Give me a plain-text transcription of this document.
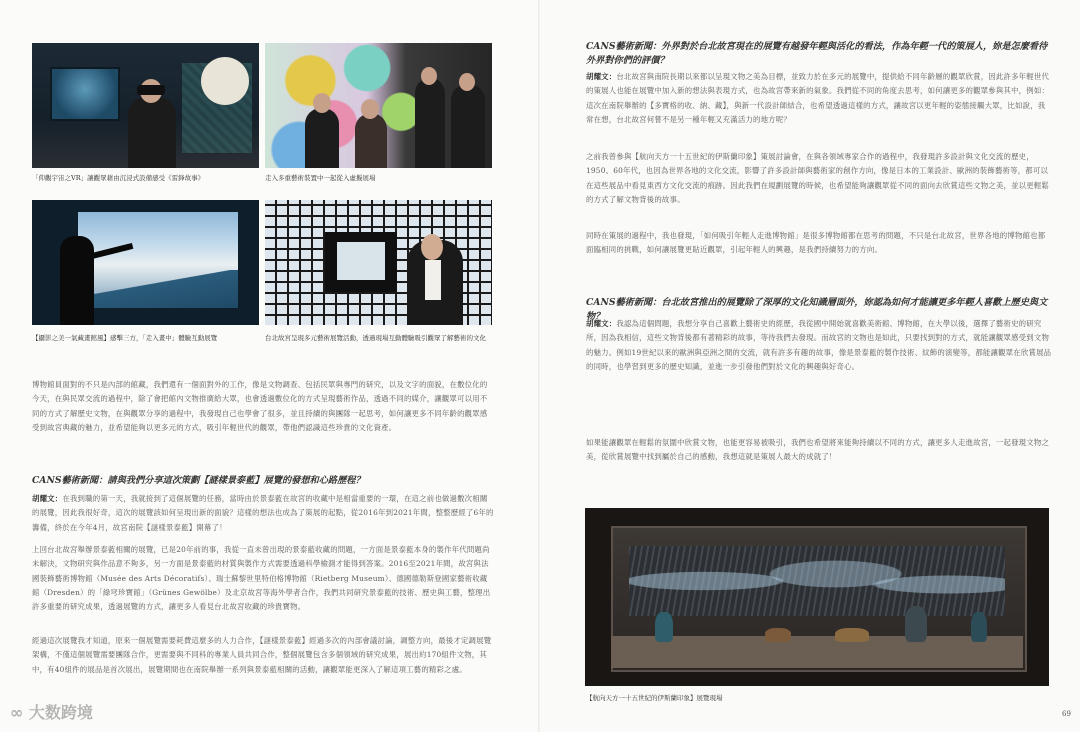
「仰觀宇宙之VR」讓觀眾藉由沉浸式設備感受《雷鋒故事》	走入多重藝術裝置中一起從入虛擬展場
【攝影之美一氣藏畫館風】感擊三方，「走入畫中」體驗互動展覽	台北故宮呈現多元藝術展覽活動，透過現場互動體驗吸引觀眾了解藝術的文化
博物館員面對的不只是內部的館藏，我們還有一個面對外的工作，像是文物調查、包括民眾與專門的研究，以及文字的面貌，在數位化的今天，在與民眾交流的過程中，除了會把館內文物推廣給大眾，也會透過數位化的方式呈現藝術作品，透過不同的媒介，讓觀眾可以用不同的方式了解歷史文物，在與觀眾分享的過程中，我發現自己也學會了很多，並且持續的與團隊一起思考，如何讓更多不同年齡的觀眾感受到故宮典藏的魅力，並希望能夠以更多元的方式，吸引年輕世代的觀眾，帶他們認識這些珍貴的文化資產。
CANS藝術新聞：請與我們分享這次策劃【謎樣景泰藍】展覽的發想和心路歷程？
胡耀文：在我到職的第一天，我就接到了這個展覽的任務，當時由於景泰藍在故宮的收藏中是相當重要的一環，在這之前也做過數次相關的展覽，因此我很好奇，這次的展覽該如何呈現出新的面貌？這樣的想法也成為了策展的起點，從2016年到2021年間，整整歷經了6年的籌備，終於在今年4月，故宮南院【謎樣景泰藍】開幕了！
上回台北故宮舉辦景泰藍相關的展覽，已是20年前的事，我從一直未曾出現的景泰藍收藏的問題，一方面是景泰藍本身的製作年代問題尚未解決，文物研究與作品意不夠多，另一方面是景泰藍的材質與製作方式需要透過科學檢測才能得到答案。2016至2021年間，故宮與法國裝飾藝術博物館（Musée des Arts Décoratifs）、瑞士蘇黎世里特伯格博物館（Rietberg Museum）、德國德勒斯登國家藝術收藏館（Dresden）的「綠穹珍寶館」（Grünes Gewölbe）及北京故宮等海外學者合作，我們共同研究景泰藍的技術、歷史與工藝，整理出許多重要的研究成果，透過展覽的方式，讓更多人看見台北故宮收藏的珍貴寶物。
經過這次展覽我才知道，原來一個展覽需要耗費這麼多的人力合作，【謎樣景泰藍】經過多次的內部會議討論，調整方向，最後才定調展覽架構，不僅這個展覽需要團隊合作，更需要與不同科的專業人員共同合作，整個展覽包含多個領域的研究成果，展出約170組件文物，其中，有40組件的展品是首次展出，展覽期間也在南院舉辦一系列與景泰藍相關的活動，讓觀眾能更深入了解這項工藝的精彩之處。
∞ 大数跨境
CANS藝術新聞：外界對於台北故宮現在的展覽有越發年輕與活化的看法，作為年輕一代的策展人，妳是怎麼看待外界對你們的評價？
胡耀文：台北故宮與南院長期以來都以呈現文物之美為目標，並致力於在多元的展覽中，提供給不同年齡層的觀眾欣賞，因此許多年輕世代的策展人也能在展覽中加入新的想法與表現方式，也為故宮帶來新的氣象。我們從不同的角度去思考，如何讓更多的觀眾參與其中，例如：這次在南院舉辦的【多寶格的收、納、藏】，與新一代設計師結合，也希望透過這樣的方式，讓故宮以更年輕的姿態接觸大眾，比如說，我常在想，台北故宮何嘗不是另一種年輕又充滿活力的地方呢？
之前我曾參與【航向天方一十五世紀的伊斯蘭印象】策展討論會，在與各領域專家合作的過程中，我發現許多設計與文化交流的歷史，1950、60年代，也因為世界各地的文化交流，影響了許多設計師與藝術家的創作方向，像是日本的工業設計、歐洲的裝飾藝術等，都可以在這些展品中看見東西方文化交流的痕跡。因此我們在規劃展覽的時候，也希望能夠讓觀眾從不同的面向去欣賞這些文物之美，並以更輕鬆的方式了解文物背後的故事。
同時在策展的過程中，我也發現，「如何吸引年輕人走進博物館」是很多博物館都在思考的問題，不只是台北故宮，世界各地的博物館也都面臨相同的挑戰，如何讓展覽更貼近觀眾，引起年輕人的興趣，是我們持續努力的方向。
CANS藝術新聞：台北故宮推出的展覽除了深厚的文化知識層面外，妳認為如何才能讓更多年輕人喜歡上歷史與文物？
胡耀文：我認為這個問題，我想分享自己喜歡上藝術史的經歷，我從國中開始就喜歡美術館、博物館，在大學以後，選擇了藝術史的研究所，因為我相信，這些文物背後都有著精彩的故事，等待我們去發現。而故宮的文物也是如此，只要找到對的方式，就能讓觀眾感受到文物的魅力。例如19世紀以來的歐洲與亞洲之間的交流，就有許多有趣的故事，像是景泰藍的製作技術、紋飾的演變等，都能讓觀眾在欣賞展品的同時，也學習到更多的歷史知識，並進一步引發他們對於文化的興趣與好奇心。
如果能讓觀眾在輕鬆的氛圍中欣賞文物，也能更容易被吸引，我們也希望將來能夠持續以不同的方式，讓更多人走進故宮，一起發現文物之美，從欣賞展覽中找到屬於自己的感動，我想這就是策展人最大的成就了！
【航向天方一十五世紀的伊斯蘭印象】展覽現場
69
